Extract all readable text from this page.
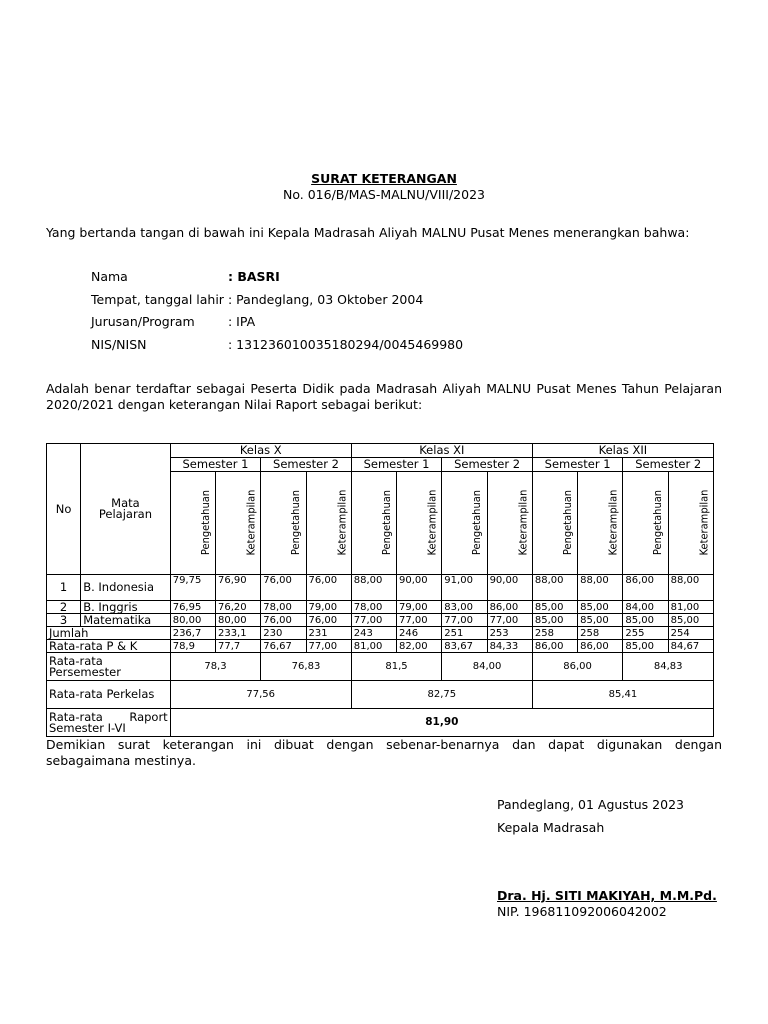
SURAT KETERANGAN
No. 016/B/MAS-MALNU/VIII/2023
Yang bertanda tangan di bawah ini Kepala Madrasah Aliyah MALNU Pusat Menes menerangkan bahwa:
Nama	: BASRI
Tempat, tanggal lahir : Pandeglang, 03 Oktober 2004
Jurusan/Program	: IPA
NIS/NISN	: 131236010035180294/0045469980
Adalah benar terdaftar sebagai Peserta Didik pada Madrasah Aliyah MALNU Pusat Menes Tahun Pelajaran 2020/2021 dengan keterangan Nilai Raport sebagai berikut:
No	Mata Pelajaran	Kelas X				Kelas XI				Kelas XII			
		Semester 1		Semester 2		Semester 1		Semester 2		Semester 1		Semester 2	
		Pengetahuan	Keterampilan	Pengetahuan	Keterampilan	Pengetahuan	Keterampilan	Pengetahuan	Keterampilan	Pengetahuan	Keterampilan	Pengetahuan	Keterampilan
1	B. Indonesia	79,75	76,90	76,00	76,00	88,00	90,00	91,00	90,00	88,00	88,00	86,00	88,00
2	B. Inggris	76,95	76,20	78,00	79,00	78,00	79,00	83,00	86,00	85,00	85,00	84,00	81,00
3	Matematika	80,00	80,00	76,00	76,00	77,00	77,00	77,00	77,00	85,00	85,00	85,00	85,00
Jumlah		236,7	233,1	230	231	243	246	251	253	258	258	255	254
Rata-rata P & K		78,9	77,7	76,67	77,00	81,00	82,00	83,67	84,33	86,00	86,00	85,00	84,67
Rata-rata Persemester		78,3		76,83		81,5		84,00		86,00		84,83	
Rata-rata Perkelas		77,56				82,75				85,41			
Rata-rata Raport Semester I-VI		81,90											
Demikian surat keterangan ini dibuat dengan sebenar-benarnya dan dapat digunakan dengan sebagaimana mestinya.
Pandeglang, 01 Agustus 2023
Kepala Madrasah
Dra. Hj. SITI MAKIYAH, M.M.Pd.
NIP. 196811092006042002
